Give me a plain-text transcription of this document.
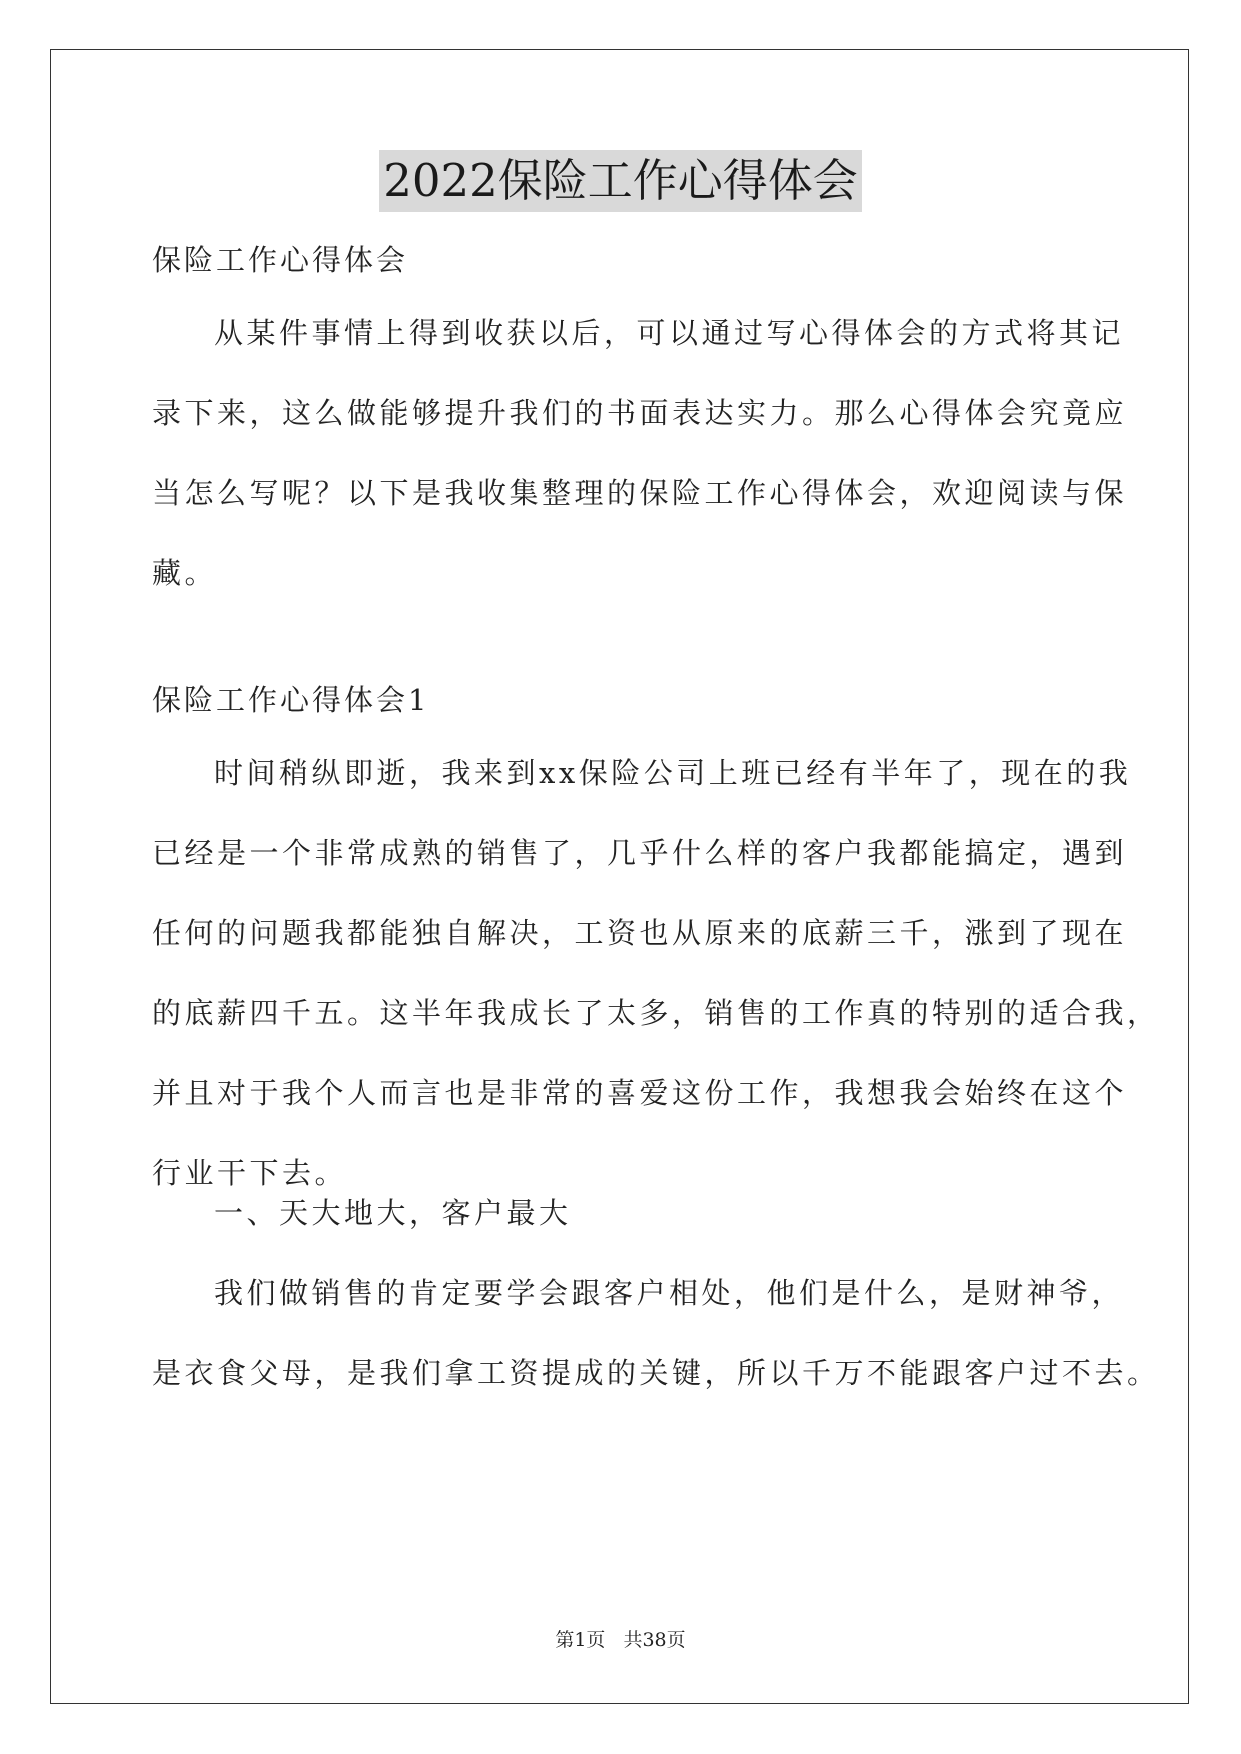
2022保险工作心得体会
保险工作心得体会
从某件事情上得到收获以后，可以通过写心得体会的方式将其记
录下来，这么做能够提升我们的书面表达实力。那么心得体会究竟应
当怎么写呢？以下是我收集整理的保险工作心得体会，欢迎阅读与保
藏。
保险工作心得体会1
时间稍纵即逝，我来到xx保险公司上班已经有半年了，现在的我
已经是一个非常成熟的销售了，几乎什么样的客户我都能搞定，遇到
任何的问题我都能独自解决，工资也从原来的底薪三千，涨到了现在
的底薪四千五。这半年我成长了太多，销售的工作真的特别的适合我，
并且对于我个人而言也是非常的喜爱这份工作，我想我会始终在这个
行业干下去。
一、天大地大，客户最大
我们做销售的肯定要学会跟客户相处，他们是什么，是财神爷，
是衣食父母，是我们拿工资提成的关键，所以千万不能跟客户过不去。
第1页 共38页
